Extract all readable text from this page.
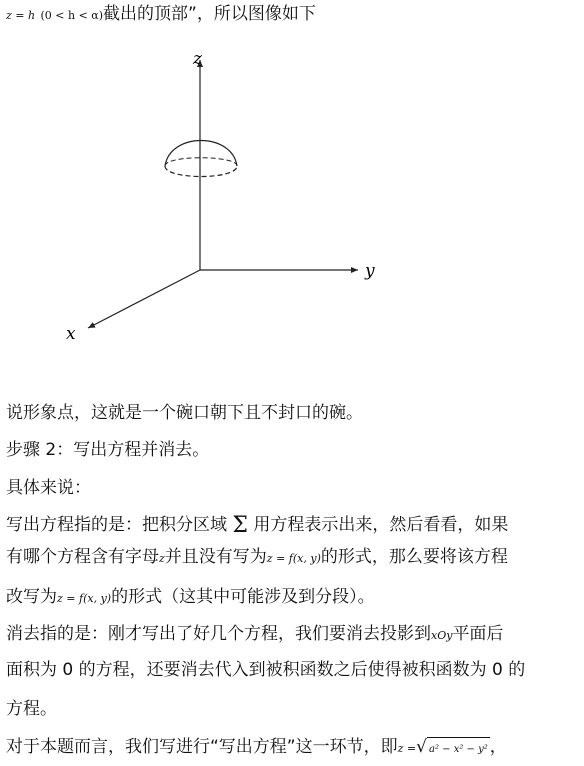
z = h (0 < h < α)截出的顶部”，所以图像如下
z
y
x
说形象点，这就是一个碗口朝下且不封口的碗。
步骤 2：写出方程并消去。
具体来说：
写出方程指的是：把积分区域 Σ 用方程表示出来，然后看看，如果
有哪个方程含有字母z并且没有写为z = f(x, y)的形式，那么要将该方程
改写为z = f(x, y)的形式（这其中可能涉及到分段）。
消去指的是：刚才写出了好几个方程，我们要消去投影到xOy平面后
面积为 0 的方程，还要消去代入到被积函数之后使得被积函数为 0 的
方程。
对于本题而言，我们写进行“写出方程”这一环节，即z =√ a² − x² − y² ，
